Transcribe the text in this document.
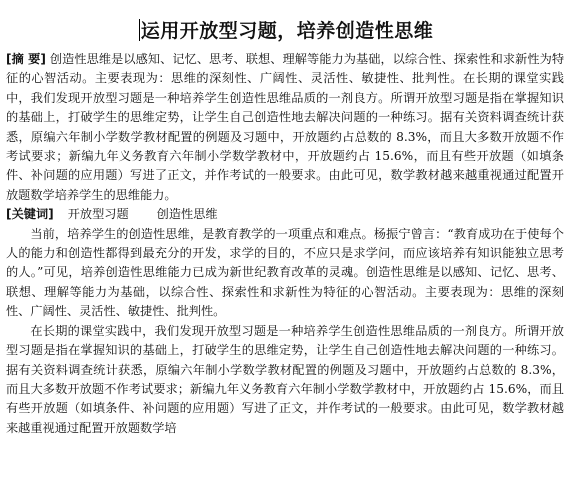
运用开放型习题，培养创造性思维

[摘 要] 创造性思维是以感知、记忆、思考、联想、理解等能力为基础，以综合性、探索性和求新性为特征的心智活动。主要表现为：思维的深刻性、广阔性、灵活性、敏捷性、批判性。在长期的课堂实践中，我们发现开放型习题是一种培养学生创造性思维品质的一剂良方。所谓开放型习题是指在掌握知识的基础上，打破学生的思维定势，让学生自己创造性地去解决问题的一种练习。据有关资料调查统计获悉，原编六年制小学数学教材配置的例题及习题中，开放题约占总数的 8.3%，而且大多数开放题不作考试要求；新编九年义务教育六年制小学数学教材中，开放题约占 15.6%，而且有些开放题（如填条件、补问题的应用题）写进了正文，并作考试的一般要求。由此可见，数学教材越来越重视通过配置开放题数学培养学生的思维能力。

[关键词] 开放型习题 创造性思维

当前，培养学生的创造性思维，是教育教学的一项重点和难点。杨振宁曾言：“教育成功在于使每个人的能力和创造性都得到最充分的开发，求学的目的，不应只是求学问，而应该培养有知识能独立思考的人。”可见，培养创造性思维能力已成为新世纪教育改革的灵魂。创造性思维是以感知、记忆、思考、联想、理解等能力为基础，以综合性、探索性和求新性为特征的心智活动。主要表现为：思维的深刻性、广阔性、灵活性、敏捷性、批判性。

在长期的课堂实践中，我们发现开放型习题是一种培养学生创造性思维品质的一剂良方。所谓开放型习题是指在掌握知识的基础上，打破学生的思维定势，让学生自己创造性地去解决问题的一种练习。据有关资料调查统计获悉，原编六年制小学数学教材配置的例题及习题中，开放题约占总数的 8.3%，而且大多数开放题不作考试要求；新编九年义务教育六年制小学数学教材中，开放题约占 15.6%，而且有些开放题（如填条件、补问题的应用题）写进了正文，并作考试的一般要求。由此可见，数学教材越来越重视通过配置开放题数学培
